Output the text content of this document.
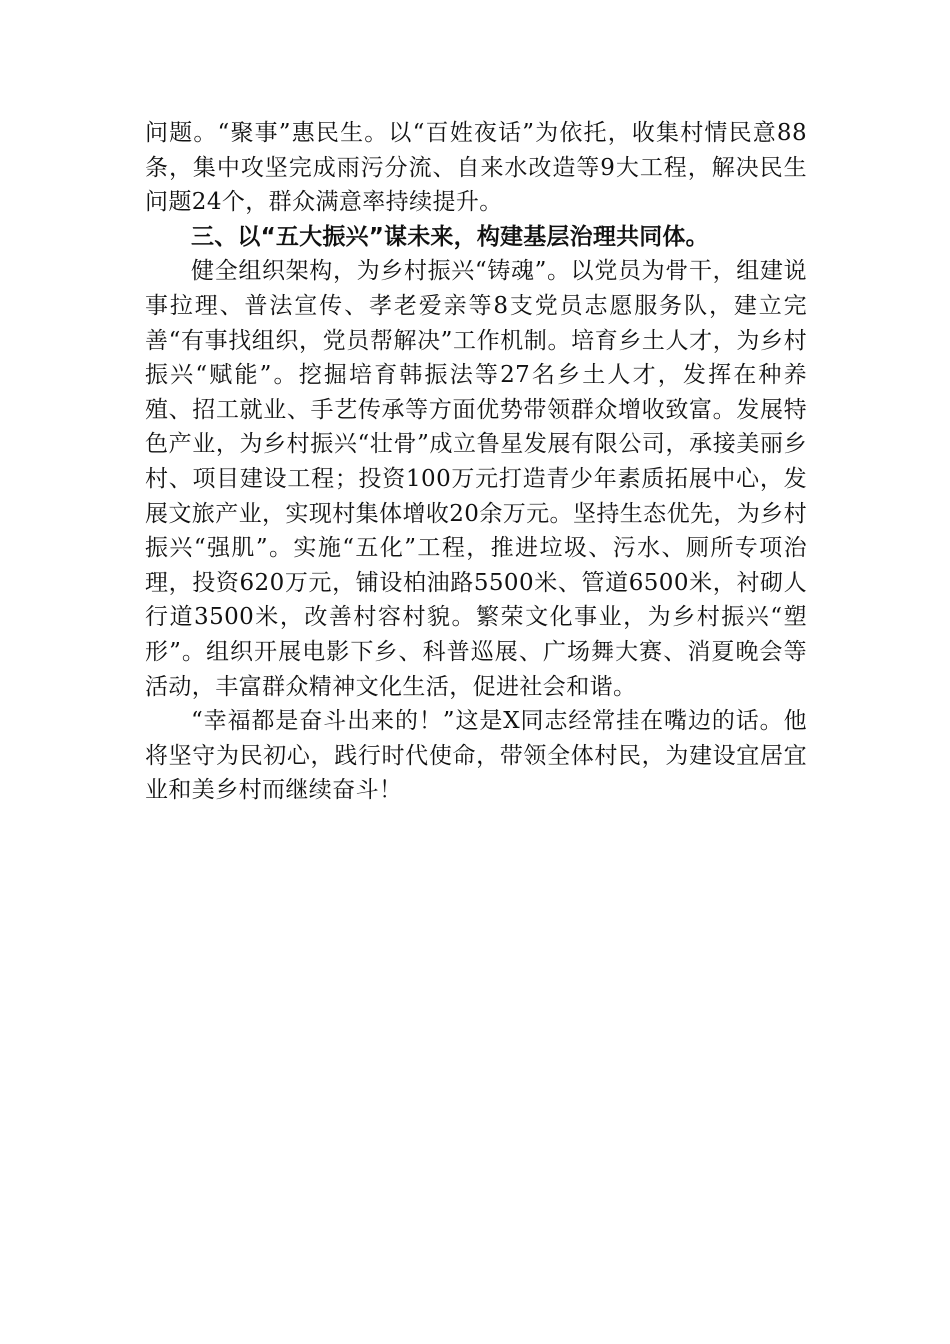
问题。“聚事”惠民生。以“百姓夜话”为依托，收集村情民意88条，集中攻坚完成雨污分流、自来水改造等9大工程，解决民生问题24个，群众满意率持续提升。

三、以“五大振兴”谋未来，构建基层治理共同体。

健全组织架构，为乡村振兴“铸魂”。以党员为骨干，组建说事拉理、普法宣传、孝老爱亲等8支党员志愿服务队，建立完善“有事找组织，党员帮解决”工作机制。培育乡土人才，为乡村振兴“赋能”。挖掘培育韩振法等27名乡土人才，发挥在种养殖、招工就业、手艺传承等方面优势带领群众增收致富。发展特色产业，为乡村振兴“壮骨”成立鲁星发展有限公司，承接美丽乡村、项目建设工程；投资100万元打造青少年素质拓展中心，发展文旅产业，实现村集体增收20余万元。坚持生态优先，为乡村振兴“强肌”。实施“五化”工程，推进垃圾、污水、厕所专项治理，投资620万元，铺设柏油路5500米、管道6500米，衬砌人行道3500米，改善村容村貌。繁荣文化事业，为乡村振兴“塑形”。组织开展电影下乡、科普巡展、广场舞大赛、消夏晚会等活动，丰富群众精神文化生活，促进社会和谐。

“幸福都是奋斗出来的！”这是X同志经常挂在嘴边的话。他将坚守为民初心，践行时代使命，带领全体村民，为建设宜居宜业和美乡村而继续奋斗！
